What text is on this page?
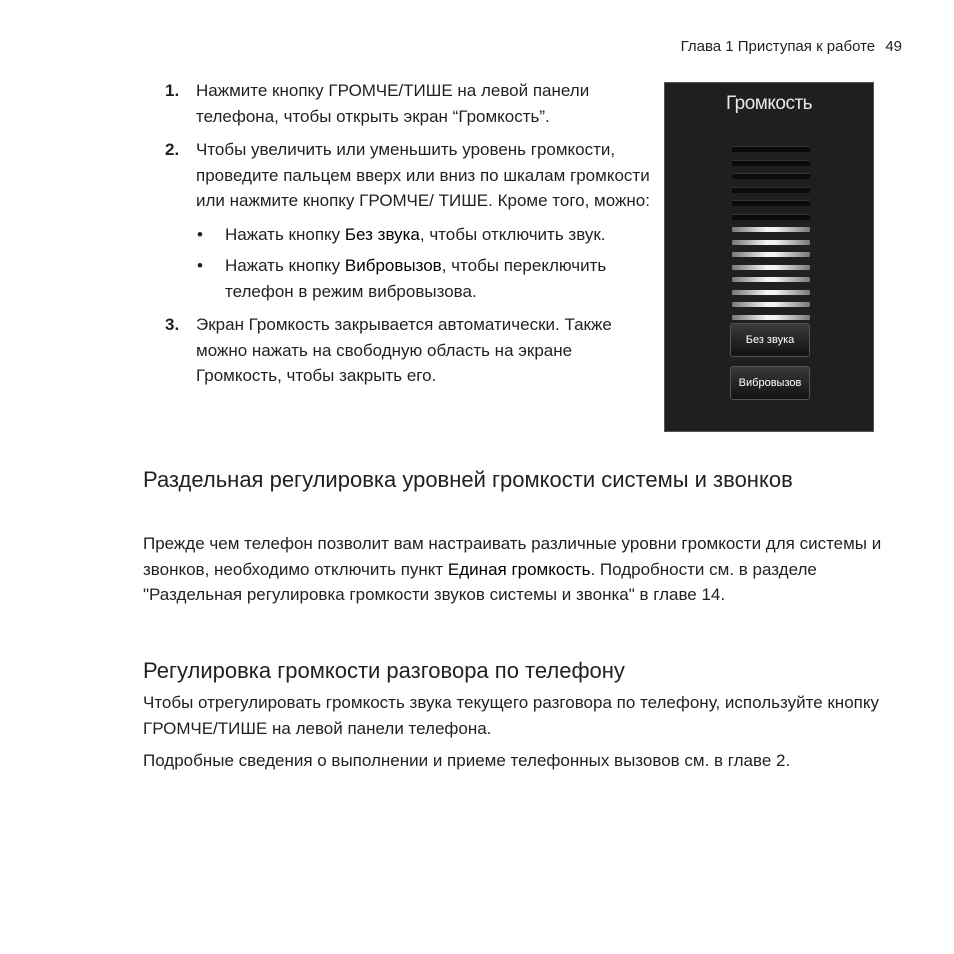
Глава 1 Приступая к работе 49
1. Нажмите кнопку ГРОМЧЕ/ТИШЕ на левой панели телефона, чтобы открыть экран “Громкость”.
2. Чтобы увеличить или уменьшить уровень громкости, проведите пальцем вверх или вниз по шкалам громкости или нажмите кнопку ГРОМЧЕ/ ТИШЕ. Кроме того, можно:
• Нажать кнопку Без звука, чтобы отключить звук.
• Нажать кнопку Вибровызов, чтобы переключить телефон в режим вибровызова.
3. Экран Громкость закрывается автоматически. Также можно нажать на свободную область на экране Громкость, чтобы закрыть его.
Громкость
Без звука
Вибровызов
Раздельная регулировка уровней громкости системы и звонков

Прежде чем телефон позволит вам настраивать различные уровни громкости для системы и звонков, необходимо отключить пункт Единая громкость. Подробности см. в разделе "Раздельная регулировка громкости звуков системы и звонка" в главе 14.

Регулировка громкости разговора по телефону

Чтобы отрегулировать громкость звука текущего разговора по телефону, используйте кнопку ГРОМЧЕ/ТИШЕ на левой панели телефона.

Подробные сведения о выполнении и приеме телефонных вызовов см. в главе 2.
